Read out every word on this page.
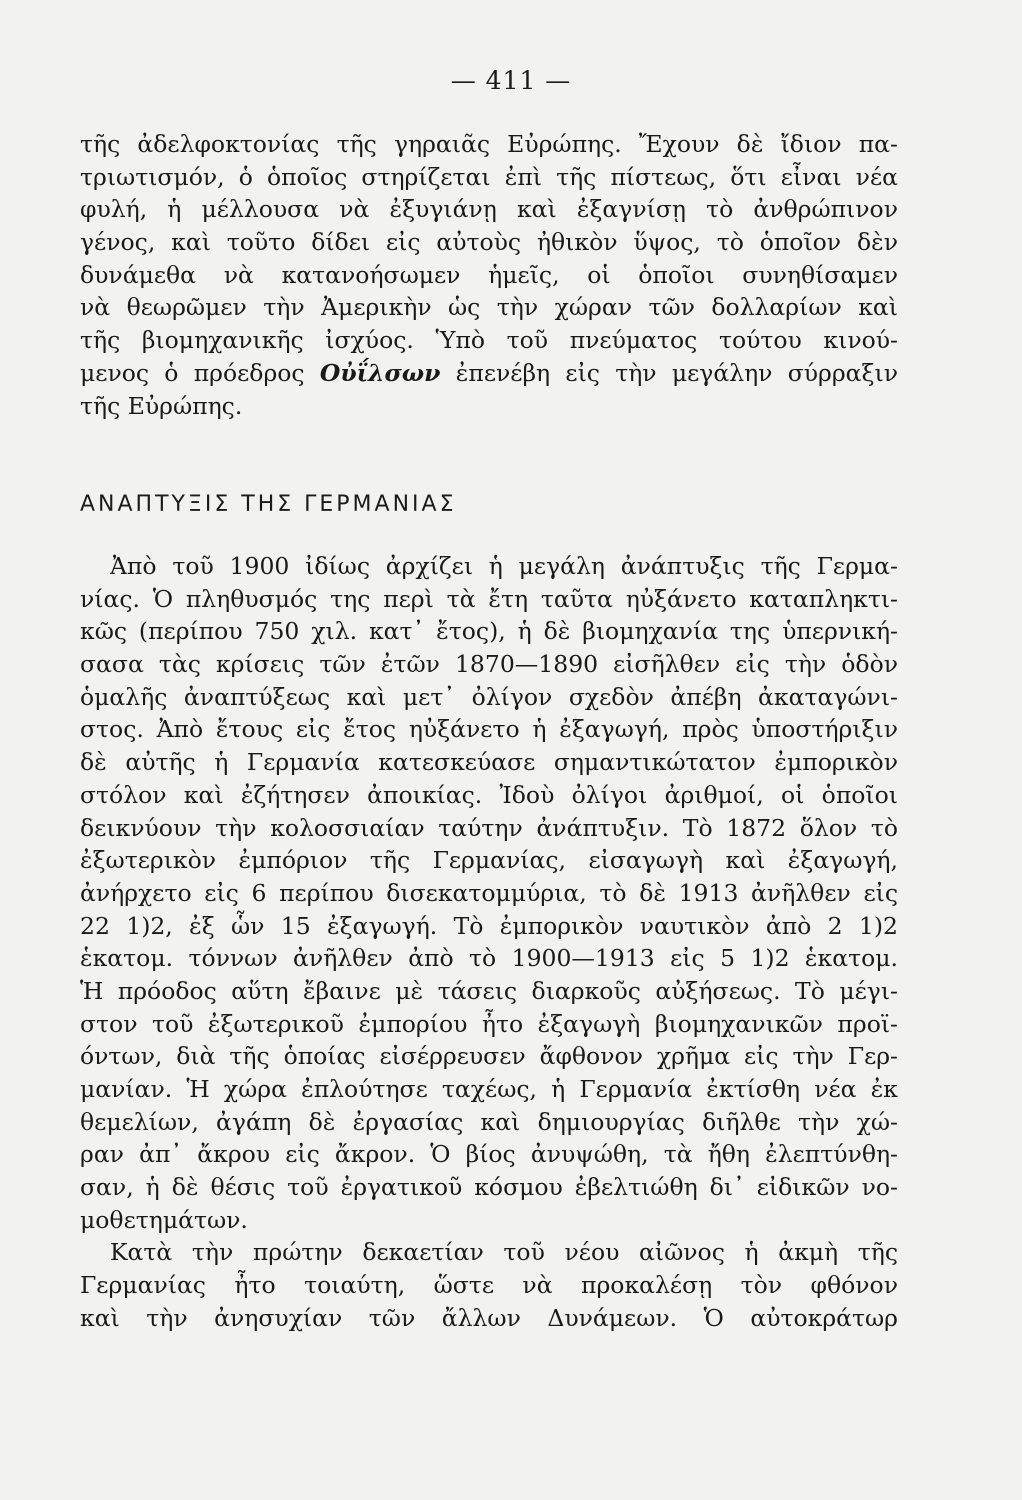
— 411 —
τῆς ἀδελφοκτονίας τῆς γηραιᾶς Εὐρώπης. Ἔχουν δὲ ἴδιον πα-
τριωτισμόν, ὁ ὁποῖος στηρίζεται ἐπὶ τῆς πίστεως, ὅτι εἶναι νέα
φυλή, ἡ μέλλουσα νὰ ἐξυγιάνῃ καὶ ἐξαγνίσῃ τὸ ἀνθρώπινον
γένος, καὶ τοῦτο δίδει εἰς αὐτοὺς ἠθικὸν ὕψος, τὸ ὁποῖον δὲν
δυνάμεθα νὰ κατανοήσωμεν ἡμεῖς, οἱ ὁποῖοι συνηθίσαμεν
νὰ θεωρῶμεν τὴν Ἀμερικὴν ὡς τὴν χώραν τῶν δολλαρίων καὶ
τῆς βιομηχανικῆς ἰσχύος. Ὑπὸ τοῦ πνεύματος τούτου κινού-
μενος ὁ πρόεδρος Οὐΐλσων ἐπενέβη εἰς τὴν μεγάλην σύρραξιν
τῆς Εὐρώπης.
ΑΝΑΠΤΥΞΙΣ ΤΗΣ ΓΕΡΜΑΝΙΑΣ
Ἀπὸ τοῦ 1900 ἰδίως ἀρχίζει ἡ μεγάλη ἀνάπτυξις τῆς Γερμα-
νίας. Ὁ πληθυσμός της περὶ τὰ ἔτη ταῦτα ηὐξάνετο καταπληκτι-
κῶς (περίπου 750 χιλ. κατ᾽ ἔτος), ἡ δὲ βιομηχανία της ὑπερνική-
σασα τὰς κρίσεις τῶν ἐτῶν 1870—1890 εἰσῆλθεν εἰς τὴν ὁδὸν
ὁμαλῆς ἀναπτύξεως καὶ μετ᾽ ὀλίγον σχεδὸν ἀπέβη ἀκαταγώνι-
στος. Ἀπὸ ἔτους εἰς ἔτος ηὐξάνετο ἡ ἐξαγωγή, πρὸς ὑποστήριξιν
δὲ αὐτῆς ἡ Γερμανία κατεσκεύασε σημαντικώτατον ἐμπορικὸν
στόλον καὶ ἐζήτησεν ἀποικίας. Ἰδοὺ ὀλίγοι ἀριθμοί, οἱ ὁποῖοι
δεικνύουν τὴν κολοσσιαίαν ταύτην ἀνάπτυξιν. Τὸ 1872 ὅλον τὸ
ἐξωτερικὸν ἐμπόριον τῆς Γερμανίας, εἰσαγωγὴ καὶ ἐξαγωγή,
ἀνήρχετο εἰς 6 περίπου δισεκατομμύρια, τὸ δὲ 1913 ἀνῆλθεν εἰς
22 1)2, ἐξ ὧν 15 ἐξαγωγή. Τὸ ἐμπορικὸν ναυτικὸν ἀπὸ 2 1)2
ἑκατομ. τόννων ἀνῆλθεν ἀπὸ τὸ 1900—1913 εἰς 5 1)2 ἑκατομ.
Ἡ πρόοδος αὕτη ἔβαινε μὲ τάσεις διαρκοῦς αὐξήσεως. Τὸ μέγι-
στον τοῦ ἐξωτερικοῦ ἐμπορίου ἦτο ἐξαγωγὴ βιομηχανικῶν προϊ-
όντων, διὰ τῆς ὁποίας εἰσέρρευσεν ἄφθονον χρῆμα εἰς τὴν Γερ-
μανίαν. Ἡ χώρα ἐπλούτησε ταχέως, ἡ Γερμανία ἐκτίσθη νέα ἐκ
θεμελίων, ἀγάπη δὲ ἐργασίας καὶ δημιουργίας διῆλθε τὴν χώ-
ραν ἀπ᾽ ἄκρου εἰς ἄκρον. Ὁ βίος ἀνυψώθη, τὰ ἤθη ἐλεπτύνθη-
σαν, ἡ δὲ θέσις τοῦ ἐργατικοῦ κόσμου ἐβελτιώθη δι᾽ εἰδικῶν νο-
μοθετημάτων.
Κατὰ τὴν πρώτην δεκαετίαν τοῦ νέου αἰῶνος ἡ ἀκμὴ τῆς
Γερμανίας ἦτο τοιαύτη, ὥστε νὰ προκαλέσῃ τὸν φθόνον
καὶ τὴν ἀνησυχίαν τῶν ἄλλων Δυνάμεων. Ὁ αὐτοκράτωρ
